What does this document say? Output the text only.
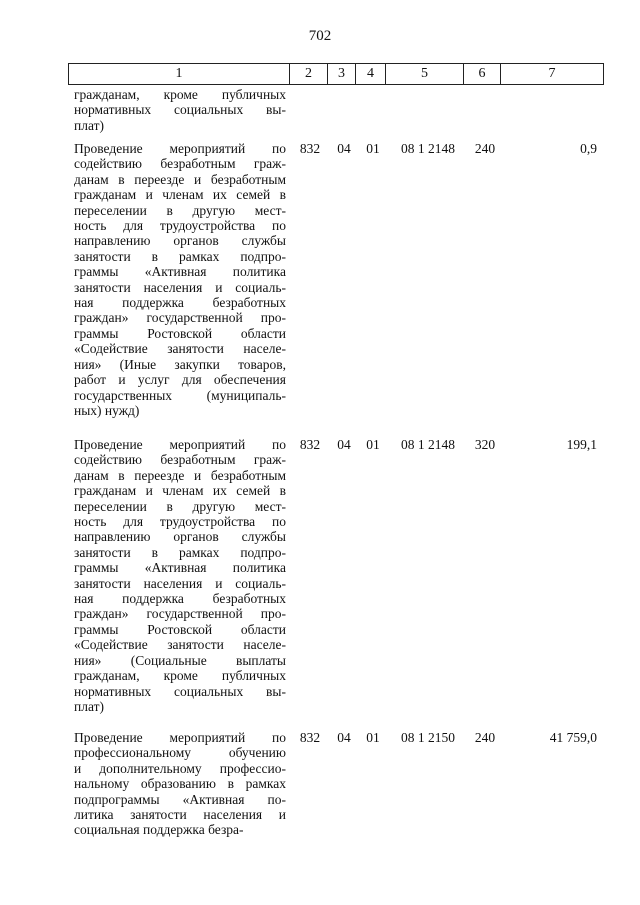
702
1	2	3	4	5	6	7
гражданам, кроме публичных
нормативных социальных вы-
плат)
Проведение мероприятий по
содействию безработным граж-
данам в переезде и безработным
гражданам и членам их семей в
переселении в другую мест-
ность для трудоустройства по
направлению органов службы
занятости в рамках подпро-
граммы «Активная политика
занятости населения и социаль-
ная поддержка безработных
граждан» государственной про-
граммы Ростовской области
«Содействие занятости населе-
ния» (Иные закупки товаров,
работ и услуг для обеспечения
государственных (муниципаль-
ных) нужд)
832	04	01	08 1 2148	240	0,9
Проведение мероприятий по
содействию безработным граж-
данам в переезде и безработным
гражданам и членам их семей в
переселении в другую мест-
ность для трудоустройства по
направлению органов службы
занятости в рамках подпро-
граммы «Активная политика
занятости населения и социаль-
ная поддержка безработных
граждан» государственной про-
граммы Ростовской области
«Содействие занятости населе-
ния» (Социальные выплаты
гражданам, кроме публичных
нормативных социальных вы-
плат)
832	04	01	08 1 2148	320	199,1
Проведение мероприятий по
профессиональному обучению
и дополнительному профессио-
нальному образованию в рамках
подпрограммы «Активная по-
литика занятости населения и
социальная поддержка безра-
832	04	01	08 1 2150	240	41 759,0
